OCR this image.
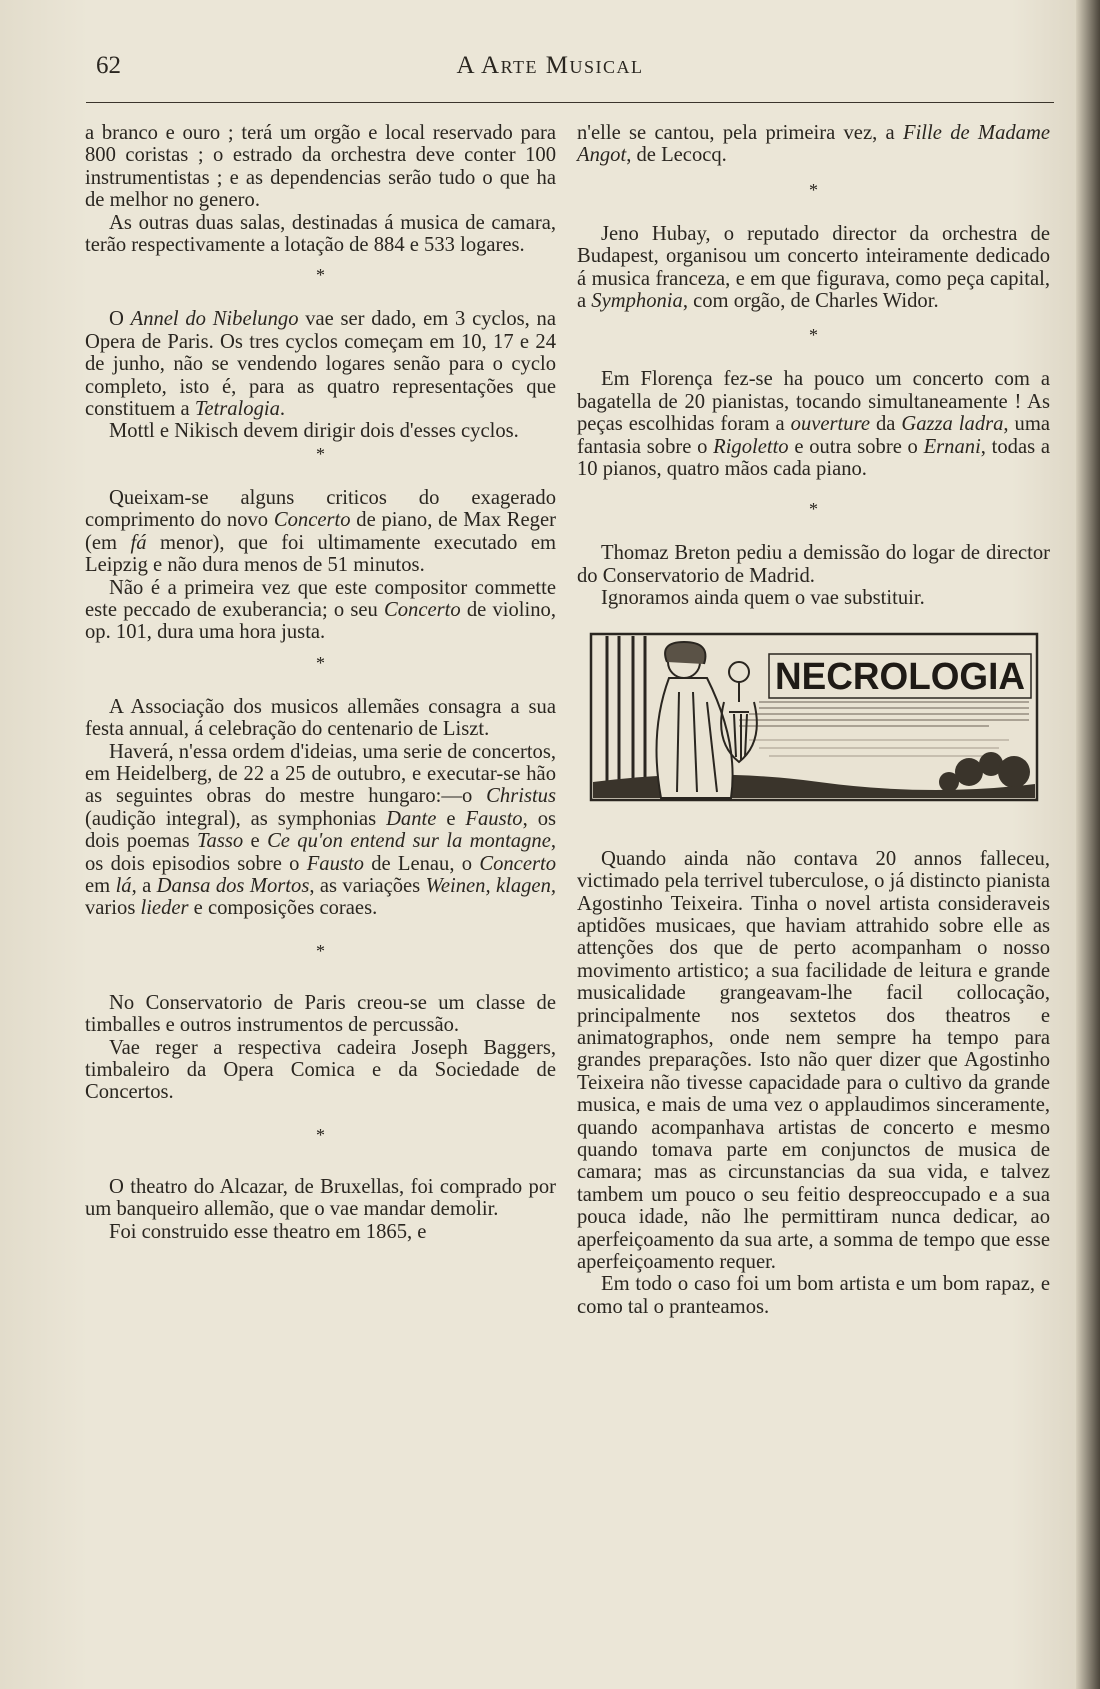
62	A Arte Musical

a branco e ouro ; terá um orgão e local reservado para 800 coristas ; o estrado da orchestra deve conter 100 instrumentistas ; e as dependencias serão tudo o que ha de melhor no genero.

As outras duas salas, destinadas á musica de camara, terão respectivamente a lotação de 884 e 533 logares.

*

O Annel do Nibelungo vae ser dado, em 3 cyclos, na Opera de Paris. Os tres cyclos começam em 10, 17 e 24 de junho, não se vendendo logares senão para o cyclo completo, isto é, para as quatro representações que constituem a Tetralogia.

Mottl e Nikisch devem dirigir dois d'esses cyclos.

*

Queixam-se alguns criticos do exagerado comprimento do novo Concerto de piano, de Max Reger (em fá menor), que foi ultimamente executado em Leipzig e não dura menos de 51 minutos.

Não é a primeira vez que este compositor commette este peccado de exuberancia; o seu Concerto de violino, op. 101, dura uma hora justa.

*

A Associação dos musicos allemães consagra a sua festa annual, á celebração do centenario de Liszt.

Haverá, n'essa ordem d'ideias, uma serie de concertos, em Heidelberg, de 22 a 25 de outubro, e executar-se hão as seguintes obras do mestre hungaro:—o Christus (audição integral), as symphonias Dante e Fausto, os dois poemas Tasso e Ce qu'on entend sur la montagne, os dois episodios sobre o Fausto de Lenau, o Concerto em lá, a Dansa dos Mortos, as variações Weinen, klagen, varios lieder e composições coraes.

*

No Conservatorio de Paris creou-se um classe de timballes e outros instrumentos de percussão.

Vae reger a respectiva cadeira Joseph Baggers, timbaleiro da Opera Comica e da Sociedade de Concertos.

*

O theatro do Alcazar, de Bruxellas, foi comprado por um banqueiro allemão, que o vae mandar demolir.

Foi construido esse theatro em 1865, e

n'elle se cantou, pela primeira vez, a Fille de Madame Angot, de Lecocq.

*

Jeno Hubay, o reputado director da orchestra de Budapest, organisou um concerto inteiramente dedicado á musica franceza, e em que figurava, como peça capital, a Symphonia, com orgão, de Charles Widor.

*

Em Florença fez-se ha pouco um concerto com a bagatella de 20 pianistas, tocando simultaneamente ! As peças escolhidas foram a ouverture da Gazza ladra, uma fantasia sobre o Rigoletto e outra sobre o Ernani, todas a 10 pianos, quatro mãos cada piano.

*

Thomaz Breton pediu a demissão do logar de director do Conservatorio de Madrid.

Ignoramos ainda quem o vae substituir.

NECROLOGIA

Quando ainda não contava 20 annos falleceu, victimado pela terrivel tuberculose, o já distincto pianista Agostinho Teixeira. Tinha o novel artista consideraveis aptidões musicaes, que haviam attrahido sobre elle as attenções dos que de perto acompanham o nosso movimento artistico; a sua facilidade de leitura e grande musicalidade grangeavam-lhe facil collocação, principalmente nos sextetos dos theatros e animatographos, onde nem sempre ha tempo para grandes preparações. Isto não quer dizer que Agostinho Teixeira não tivesse capacidade para o cultivo da grande musica, e mais de uma vez o applaudimos sinceramente, quando acompanhava artistas de concerto e mesmo quando tomava parte em conjunctos de musica de camara; mas as circunstancias da sua vida, e talvez tambem um pouco o seu feitio despreoccupado e a sua pouca idade, não lhe permittiram nunca dedicar, ao aperfeiçoamento da sua arte, a somma de tempo que esse aperfeiçoamento requer.

Em todo o caso foi um bom artista e um bom rapaz, e como tal o pranteamos.
